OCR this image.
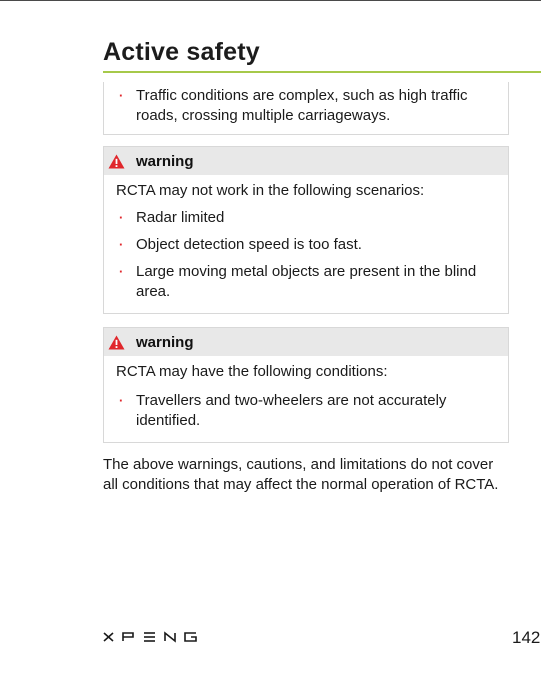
Active safety
· Traffic conditions are complex, such as high traffic roads, crossing multiple carriageways.
warning
RCTA may not work in the following scenarios:
· Radar limited
· Object detection speed is too fast.
· Large moving metal objects are present in the blind area.
warning
RCTA may have the following conditions:
· Travellers and two-wheelers are not accurately identified.

The above warnings, cautions, and limitations do not cover all conditions that may affect the normal operation of RCTA.

142
